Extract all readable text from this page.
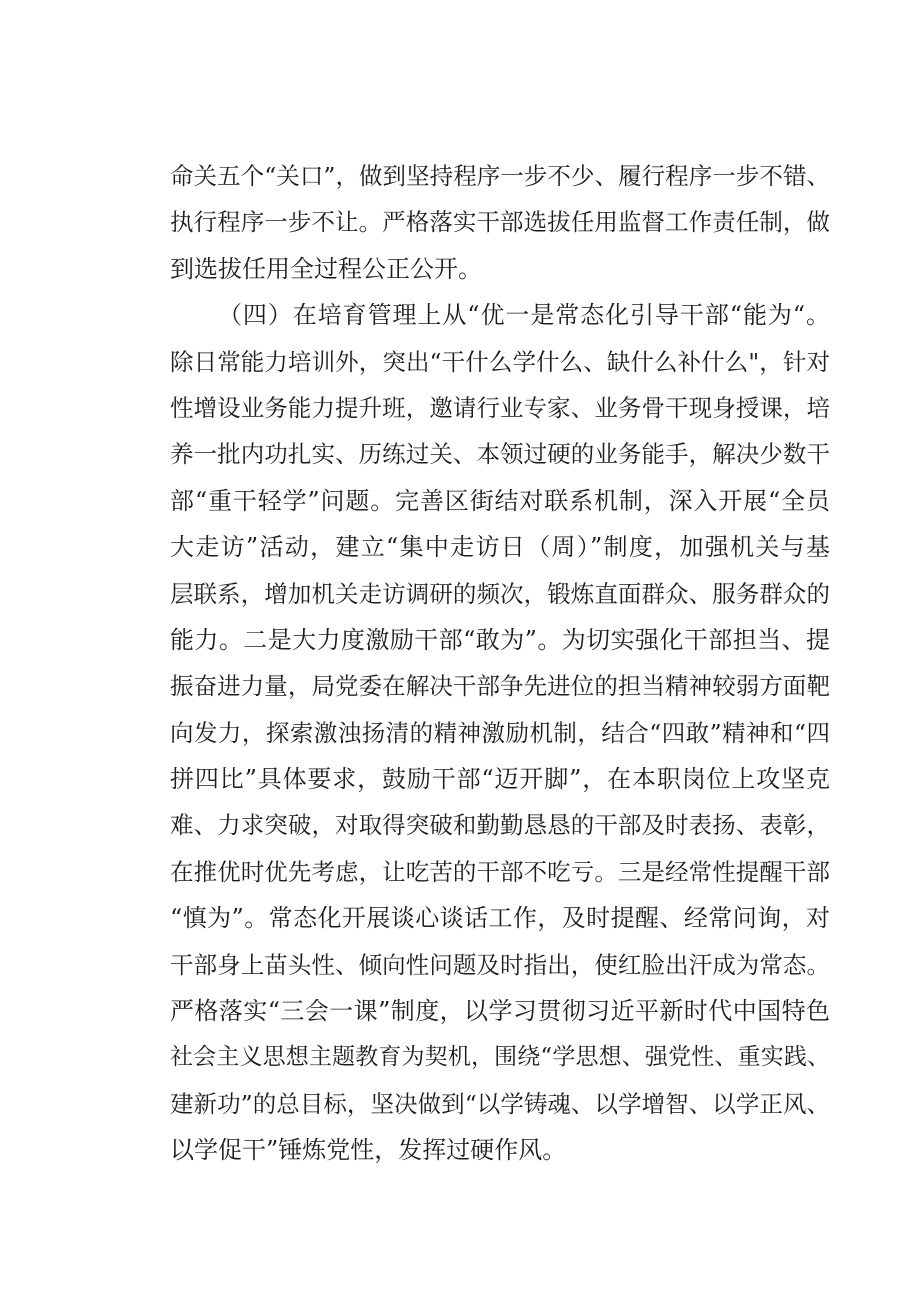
命关五个“关口”，做到坚持程序一步不少、履行程序一步不错、
执行程序一步不让。严格落实干部选拔任用监督工作责任制，做
到选拔任用全过程公正公开。
（四）在培育管理上从“优一是常态化引导干部“能为“。
除日常能力培训外，突出“干什么学什么、缺什么补什么"，针对
性增设业务能力提升班，邀请行业专家、业务骨干现身授课，培
养一批内功扎实、历练过关、本领过硬的业务能手，解决少数干
部“重干轻学”问题。完善区街结对联系机制，深入开展“全员
大走访”活动，建立“集中走访日（周）”制度，加强机关与基
层联系，增加机关走访调研的频次，锻炼直面群众、服务群众的
能力。二是大力度激励干部“敢为”。为切实强化干部担当、提
振奋进力量，局党委在解决干部争先进位的担当精神较弱方面靶
向发力，探索激浊扬清的精神激励机制，结合“四敢”精神和“四
拼四比”具体要求，鼓励干部“迈开脚”，在本职岗位上攻坚克
难、力求突破，对取得突破和勤勤恳恳的干部及时表扬、表彰，
在推优时优先考虑，让吃苦的干部不吃亏。三是经常性提醒干部
“慎为”。常态化开展谈心谈话工作，及时提醒、经常问询，对
干部身上苗头性、倾向性问题及时指出，使红脸出汗成为常态。
严格落实“三会一课”制度，以学习贯彻习近平新时代中国特色
社会主义思想主题教育为契机，围绕“学思想、强党性、重实践、
建新功”的总目标，坚决做到“以学铸魂、以学增智、以学正风、
以学促干”锤炼党性，发挥过硬作风。
